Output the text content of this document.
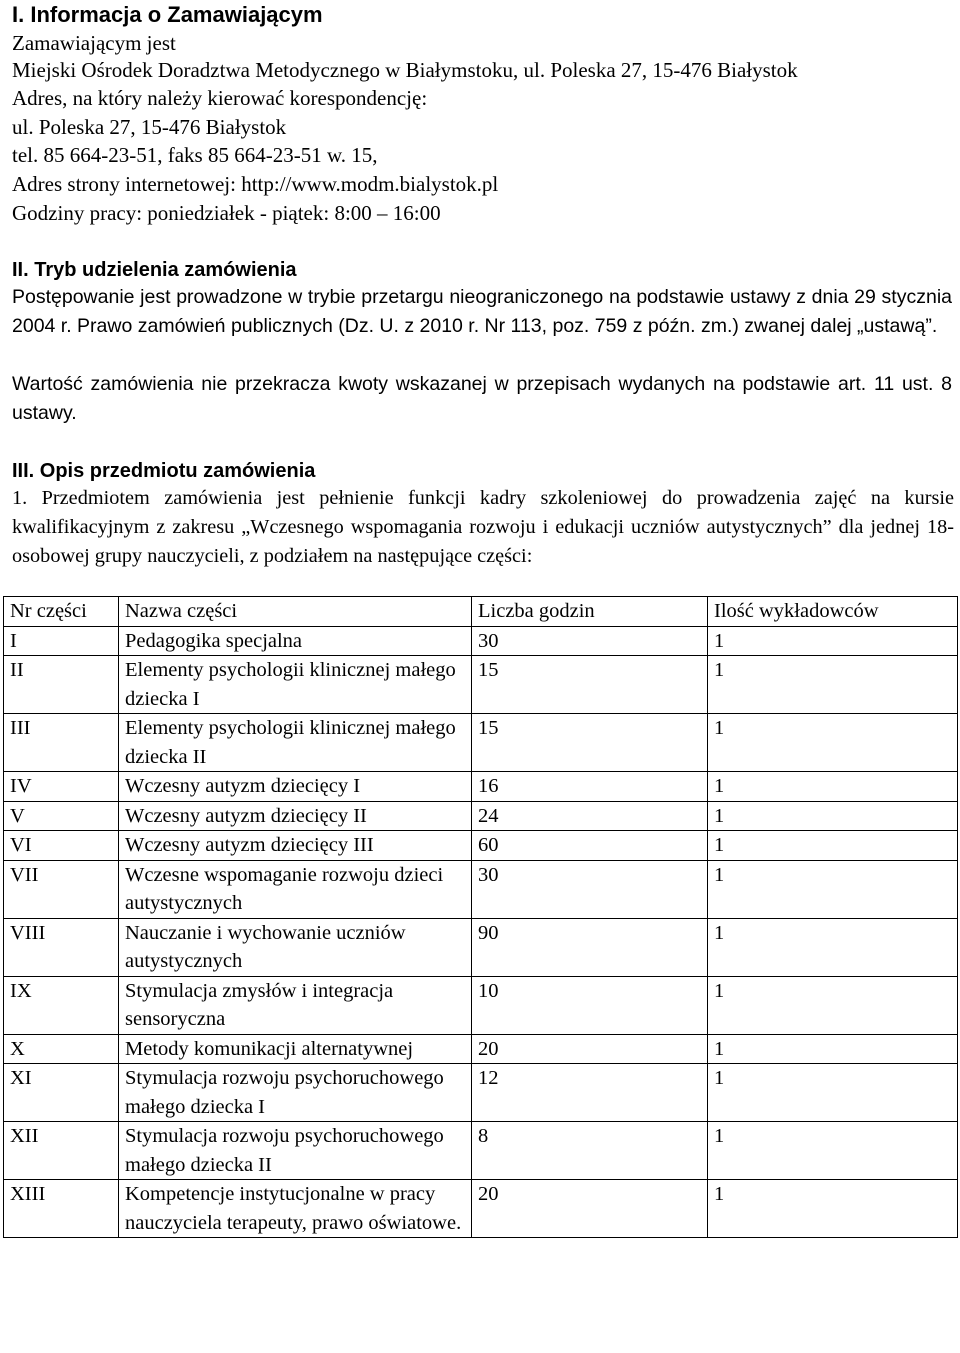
I. Informacja o Zamawiającym
Zamawiającym jest
Miejski Ośrodek Doradztwa Metodycznego w Białymstoku, ul. Poleska 27, 15-476 Białystok
Adres, na który należy kierować korespondencję:
ul. Poleska 27, 15-476 Białystok
tel. 85 664-23-51, faks 85 664-23-51 w. 15,
Adres strony internetowej: http://www.modm.bialystok.pl
Godziny pracy: poniedziałek - piątek: 8:00 – 16:00
II. Tryb udzielenia zamówienia
Postępowanie jest prowadzone w trybie przetargu nieograniczonego na podstawie ustawy z dnia 29 stycznia 2004 r. Prawo zamówień publicznych (Dz. U. z 2010 r. Nr 113, poz. 759 z późn. zm.) zwanej dalej „ustawą”.
Wartość zamówienia nie przekracza kwoty wskazanej w przepisach wydanych na podstawie art. 11 ust. 8 ustawy.
III. Opis przedmiotu zamówienia
1. Przedmiotem zamówienia jest pełnienie funkcji kadry szkoleniowej do prowadzenia zajęć na kursie kwalifikacyjnym z zakresu „Wczesnego wspomagania rozwoju i edukacji uczniów autystycznych” dla jednej 18-osobowej grupy nauczycieli, z podziałem na następujące części:
Nr części	Nazwa części	Liczba godzin	Ilość wykładowców
I	Pedagogika specjalna	30	1
II	Elementy psychologii klinicznej małego dziecka I	15	1
III	Elementy psychologii klinicznej małego dziecka II	15	1
IV	Wczesny autyzm dziecięcy I	16	1
V	Wczesny autyzm dziecięcy II	24	1
VI	Wczesny autyzm dziecięcy III	60	1
VII	Wczesne wspomaganie rozwoju dzieci autystycznych	30	1
VIII	Nauczanie i wychowanie uczniów autystycznych	90	1
IX	Stymulacja zmysłów i integracja sensoryczna	10	1
X	Metody komunikacji alternatywnej	20	1
XI	Stymulacja rozwoju psychoruchowego małego dziecka I	12	1
XII	Stymulacja rozwoju psychoruchowego małego dziecka II	8	1
XIII	Kompetencje instytucjonalne w pracy nauczyciela terapeuty, prawo oświatowe.	20	1
